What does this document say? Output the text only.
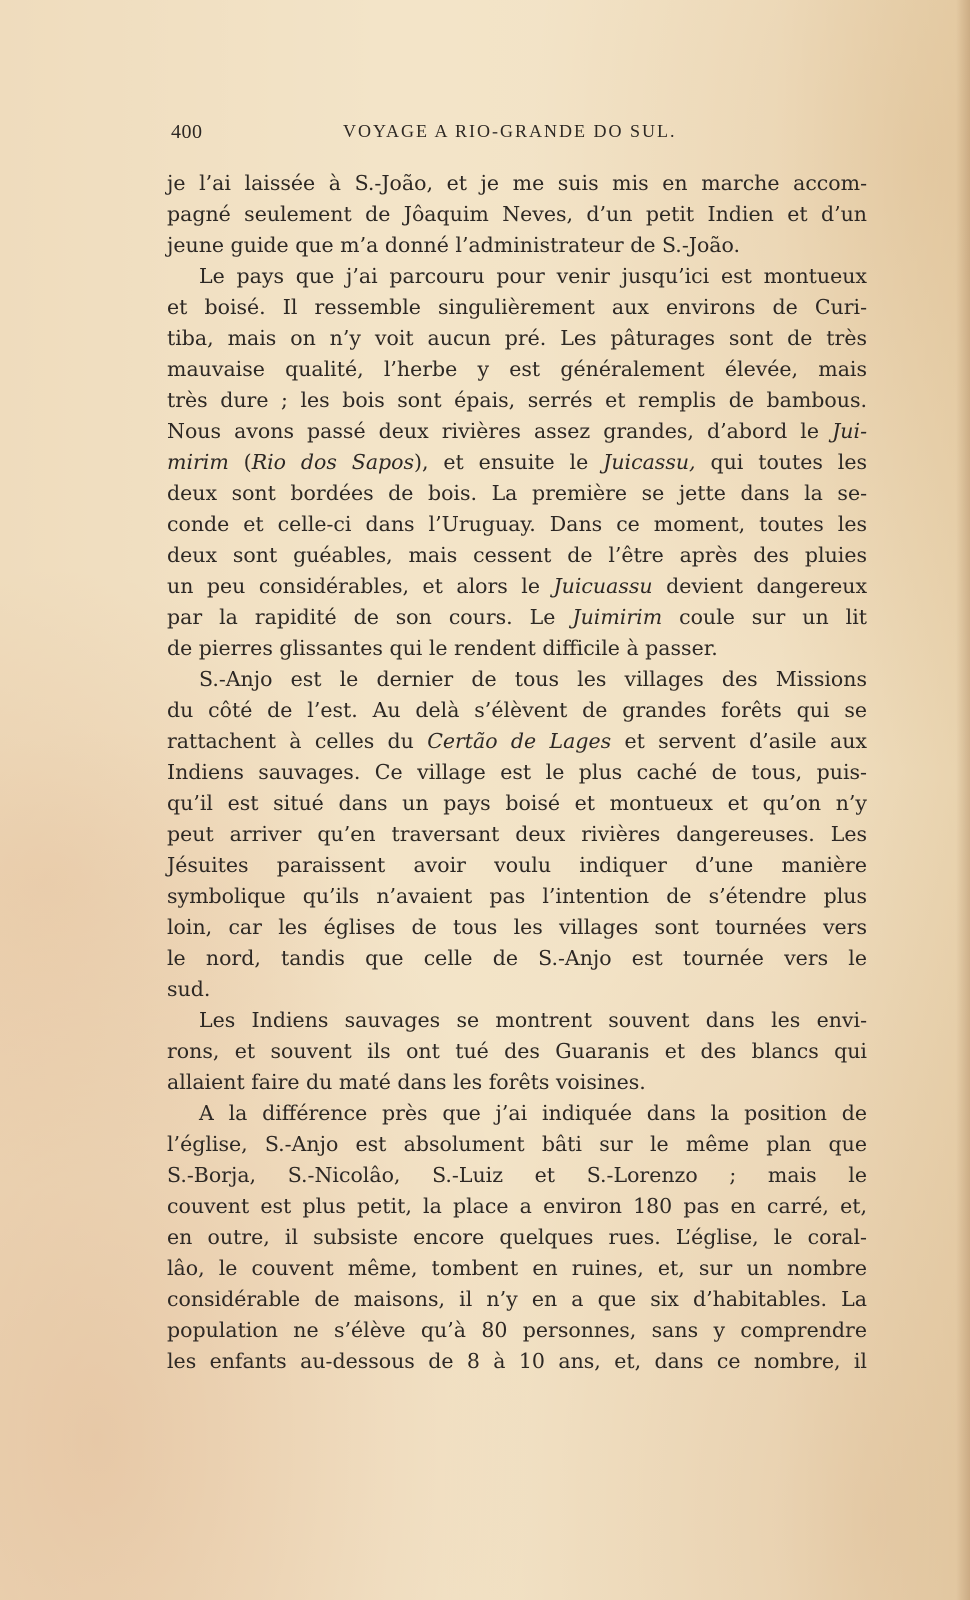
400	VOYAGE A RIO-GRANDE DO SUL.
je l’ai laissée à S.-João, et je me suis mis en marche accom-
pagné seulement de Jôaquim Neves, d’un petit Indien et d’un
jeune guide que m’a donné l’administrateur de S.-João.
Le pays que j’ai parcouru pour venir jusqu’ici est montueux
et boisé. Il ressemble singulièrement aux environs de Curi-
tiba, mais on n’y voit aucun pré. Les pâturages sont de très
mauvaise qualité, l’herbe y est généralement élevée, mais
très dure ; les bois sont épais, serrés et remplis de bambous.
Nous avons passé deux rivières assez grandes, d’abord le Jui-
mirim (Rio dos Sapos), et ensuite le Juicassu, qui toutes les
deux sont bordées de bois. La première se jette dans la se-
conde et celle-ci dans l’Uruguay. Dans ce moment, toutes les
deux sont guéables, mais cessent de l’être après des pluies
un peu considérables, et alors le Juicuassu devient dangereux
par la rapidité de son cours. Le Juimirim coule sur un lit
de pierres glissantes qui le rendent difficile à passer.
S.-Anjo est le dernier de tous les villages des Missions
du côté de l’est. Au delà s’élèvent de grandes forêts qui se
rattachent à celles du Certão de Lages et servent d’asile aux
Indiens sauvages. Ce village est le plus caché de tous, puis-
qu’il est situé dans un pays boisé et montueux et qu’on n’y
peut arriver qu’en traversant deux rivières dangereuses. Les
Jésuites paraissent avoir voulu indiquer d’une manière
symbolique qu’ils n’avaient pas l’intention de s’étendre plus
loin, car les églises de tous les villages sont tournées vers
le nord, tandis que celle de S.-Anjo est tournée vers le
sud.
Les Indiens sauvages se montrent souvent dans les envi-
rons, et souvent ils ont tué des Guaranis et des blancs qui
allaient faire du maté dans les forêts voisines.
A la différence près que j’ai indiquée dans la position de
l’église, S.-Anjo est absolument bâti sur le même plan que
S.-Borja, S.-Nicolâo, S.-Luiz et S.-Lorenzo ; mais le
couvent est plus petit, la place a environ 180 pas en carré, et,
en outre, il subsiste encore quelques rues. L’église, le coral-
lâo, le couvent même, tombent en ruines, et, sur un nombre
considérable de maisons, il n’y en a que six d’habitables. La
population ne s’élève qu’à 80 personnes, sans y comprendre
les enfants au-dessous de 8 à 10 ans, et, dans ce nombre, il
